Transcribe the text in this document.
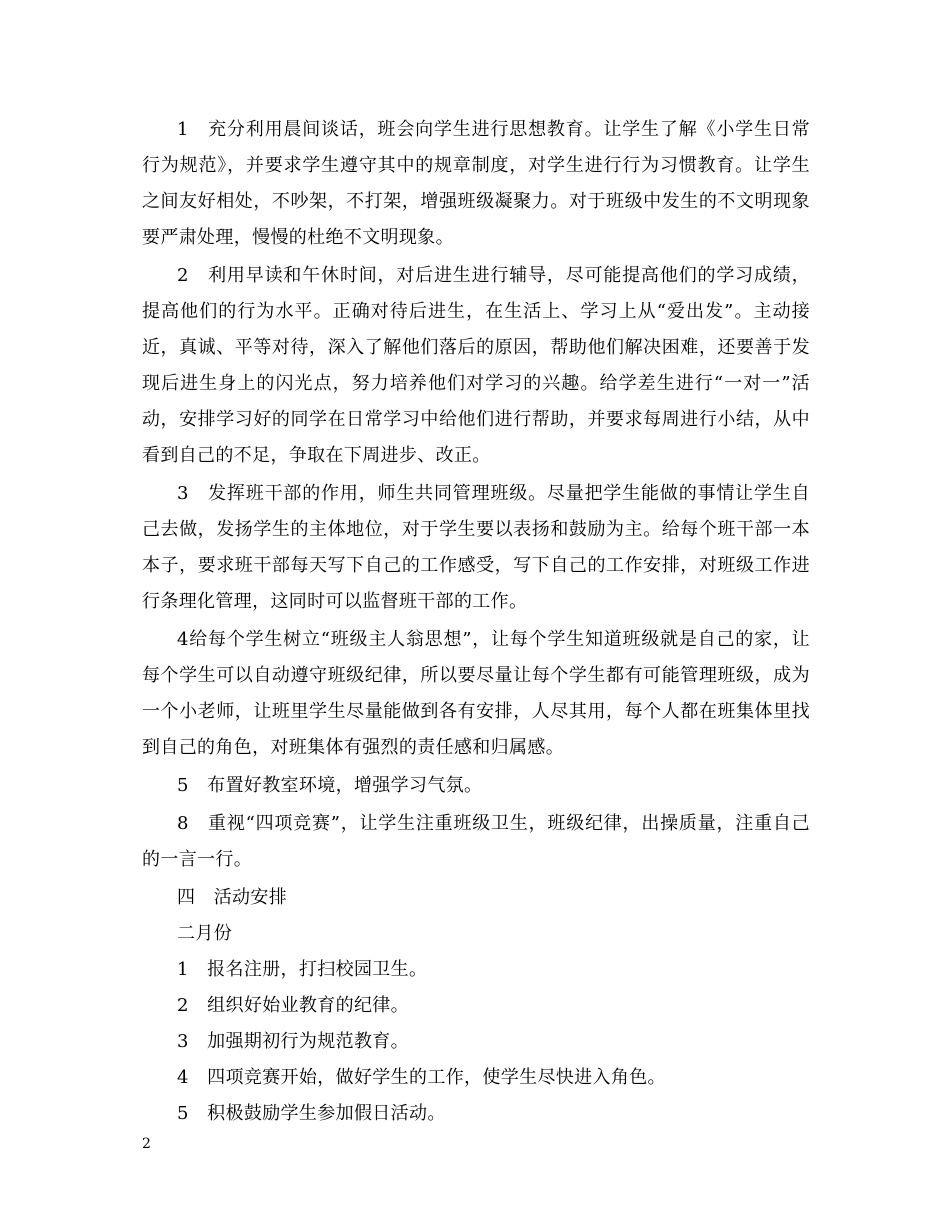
1　充分利用晨间谈话，班会向学生进行思想教育。让学生了解《小学生日常行为规范》，并要求学生遵守其中的规章制度，对学生进行行为习惯教育。让学生之间友好相处，不吵架，不打架，增强班级凝聚力。对于班级中发生的不文明现象要严肃处理，慢慢的杜绝不文明现象。

2　利用早读和午休时间，对后进生进行辅导，尽可能提高他们的学习成绩，提高他们的行为水平。正确对待后进生，在生活上、学习上从“爱出发”。主动接近，真诚、平等对待，深入了解他们落后的原因，帮助他们解决困难，还要善于发现后进生身上的闪光点，努力培养他们对学习的兴趣。给学差生进行“一对一”活动，安排学习好的同学在日常学习中给他们进行帮助，并要求每周进行小结，从中看到自己的不足，争取在下周进步、改正。

3　发挥班干部的作用，师生共同管理班级。尽量把学生能做的事情让学生自己去做，发扬学生的主体地位，对于学生要以表扬和鼓励为主。给每个班干部一本本子，要求班干部每天写下自己的工作感受，写下自己的工作安排，对班级工作进行条理化管理，这同时可以监督班干部的工作。

4给每个学生树立“班级主人翁思想”，让每个学生知道班级就是自己的家，让每个学生可以自动遵守班级纪律，所以要尽量让每个学生都有可能管理班级，成为一个小老师，让班里学生尽量能做到各有安排，人尽其用，每个人都在班集体里找到自己的角色，对班集体有强烈的责任感和归属感。

5　布置好教室环境，增强学习气氛。

8　重视“四项竞赛”，让学生注重班级卫生，班级纪律，出操质量，注重自己的一言一行。

四　活动安排

二月份

1　报名注册，打扫校园卫生。

2　组织好始业教育的纪律。

3　加强期初行为规范教育。

4　四项竞赛开始，做好学生的工作，使学生尽快进入角色。

5　积极鼓励学生参加假日活动。

2
